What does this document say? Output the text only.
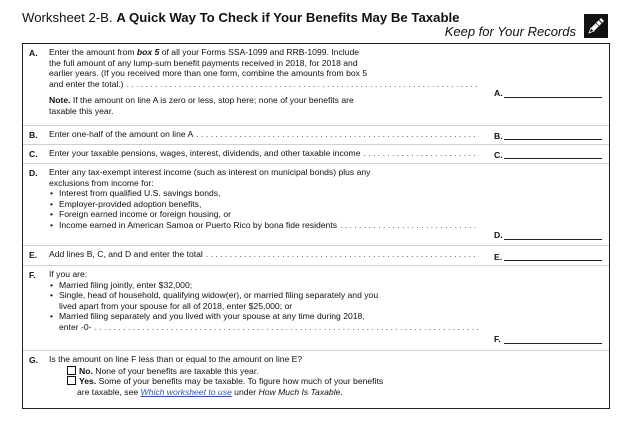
Worksheet 2-B. A Quick Way To Check if Your Benefits May Be Taxable
Keep for Your Records
A. Enter the amount from box 5 of all your Forms SSA-1099 and RRB-1099. Include

the full amount of any lump-sum benefit payments received in 2018, for 2018 and

earlier years. (If you received more than one form, combine the amounts from box 5

and enter the total.)
. . .

Note. If the amount on line A is zero or less, stop here; none of your benefits are

taxable this year.

A.
B. Enter one-half of the amount on line A . . .	B.
C. Enter your taxable pensions, wages, interest, dividends, and other taxable income . . .	C.
D. Enter any tax-exempt interest income (such as interest on municipal bonds) plus any

exclusions from income for:

• Interest from qualified U.S. savings bonds,
• Employer-provided adoption benefits,
• Foreign earned income or foreign housing, or
• Income earned in American Samoa or Puerto Rico by bona fide residents
. . .
D.
E. Add lines B, C, and D and enter the total . . .	E.
F. If you are:

• Married filing jointly, enter $32,000;
• Single, head of household, qualifying widow(er), or married filing separately and you
lived apart from your spouse for all of 2018, enter $25,000; or
• Married filing separately and you lived with your spouse at any time during 2018,

enter -0-
. . .
F.
G. Is the amount on line F less than or equal to the amount on line E?

No. None of your benefits are taxable this year.

Yes. Some of your benefits may be taxable. To figure how much of your benefits

are taxable, see Which worksheet to use under How Much Is Taxable.
